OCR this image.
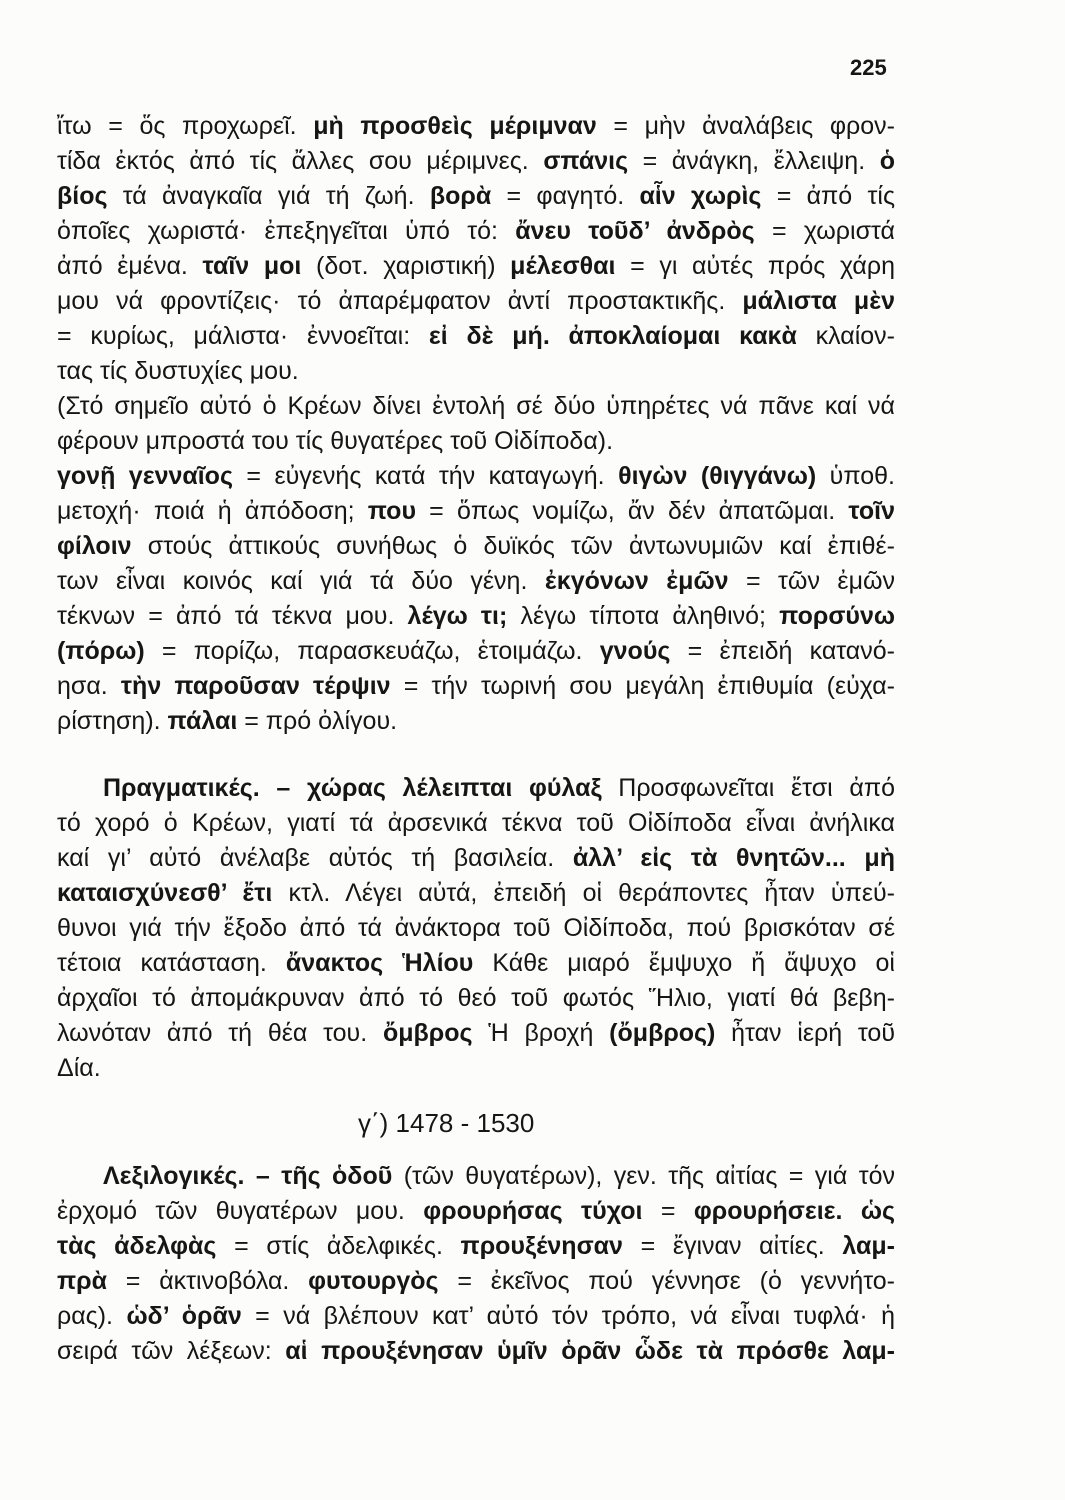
225
ἴτω = ὅς προχωρεῖ. μὴ προσθεὶς μέριμναν = μὴν ἀναλάβεις φρον-
τίδα ἐκτός ἀπό τίς ἄλλες σου μέριμνες. σπάνις = ἀνάγκη, ἔλλειψη. ὁ
βίος τά ἀναγκαῖα γιά τή ζωή. βορὰ = φαγητό. αἷν χωρὶς = ἀπό τίς
ὁποῖες χωριστά· ἐπεξηγεῖται ὑπό τό: ἄνευ τοῦδ’ ἀνδρὸς = χωριστά
ἀπό ἐμένα. ταῖν μοι (δοτ. χαριστική) μέλεσθαι = γι αὐτές πρός χάρη
μου νά φροντίζεις· τό ἀπαρέμφατον ἀντί προστακτικῆς. μάλιστα μὲν
= κυρίως, μάλιστα· ἐννοεῖται: εἰ δὲ μή. ἀποκλαίομαι κακὰ κλαίον-
τας τίς δυστυχίες μου.
(Στό σημεῖο αὐτό ὁ Κρέων δίνει ἐντολή σέ δύο ὑπηρέτες νά πᾶνε καί νά
φέρουν μπροστά του τίς θυγατέρες τοῦ Οἰδίποδα).
γονῇ γενναῖος = εὐγενής κατά τήν καταγωγή. θιγὼν (θιγγάνω) ὑποθ.
μετοχή· ποιά ἡ ἀπόδοση; που = ὅπως νομίζω, ἄν δέν ἀπατῶμαι. τοῖν
φίλοιν στούς ἀττικούς συνήθως ὁ δυϊκός τῶν ἀντωνυμιῶν καί ἐπιθέ-
των εἶναι κοινός καί γιά τά δύο γένη. ἐκγόνων ἐμῶν = τῶν ἐμῶν
τέκνων = ἀπό τά τέκνα μου. λέγω τι; λέγω τίποτα ἀληθινό; πορσύνω
(πόρω) = πορίζω, παρασκευάζω, ἑτοιμάζω. γνούς = ἐπειδή κατανό-
ησα. τὴν παροῦσαν τέρψιν = τήν τωρινή σου μεγάλη ἐπιθυμία (εὐχα-
ρίστηση). πάλαι = πρό ὀλίγου.
Πραγματικές. – χώρας λέλειπται φύλαξ Προσφωνεῖται ἔτσι ἀπό
τό χορό ὁ Κρέων, γιατί τά ἀρσενικά τέκνα τοῦ Οἰδίποδα εἶναι ἀνήλικα
καί γι’ αὐτό ἀνέλαβε αὐτός τή βασιλεία. ἀλλ’ εἰς τὰ θνητῶν... μὴ
καταισχύνεσθ’ ἔτι κτλ. Λέγει αὐτά, ἐπειδή οἱ θεράποντες ἦταν ὑπεύ-
θυνοι γιά τήν ἔξοδο ἀπό τά ἀνάκτορα τοῦ Οἰδίποδα, πού βρισκόταν σέ
τέτοια κατάσταση. ἄνακτος Ἡλίου Κάθε μιαρό ἔμψυχο ἤ ἄψυχο οἱ
ἀρχαῖοι τό ἀπομάκρυναν ἀπό τό θεό τοῦ φωτός Ἥλιο, γιατί θά βεβη-
λωνόταν ἀπό τή θέα του. ὄμβρος Ἡ βροχή (ὄμβρος) ἦταν ἱερή τοῦ
Δία.
γ΄) 1478 - 1530
Λεξιλογικές. – τῆς ὁδοῦ (τῶν θυγατέρων), γεν. τῆς αἰτίας = γιά τόν
ἐρχομό τῶν θυγατέρων μου. φρουρήσας τύχοι = φρουρήσειε. ὡς
τὰς ἀδελφὰς = στίς ἀδελφικές. προυξένησαν = ἔγιναν αἰτίες. λαμ-
πρὰ = ἀκτινοβόλα. φυτουργὸς = ἐκεῖνος πού γέννησε (ὁ γεννήτο-
ρας). ὡδ’ ὁρᾶν = νά βλέπουν κατ’ αὐτό τόν τρόπο, νά εἶναι τυφλά· ἡ
σειρά τῶν λέξεων: αἱ προυξένησαν ὑμῖν ὁρᾶν ὧδε τὰ πρόσθε λαμ-
